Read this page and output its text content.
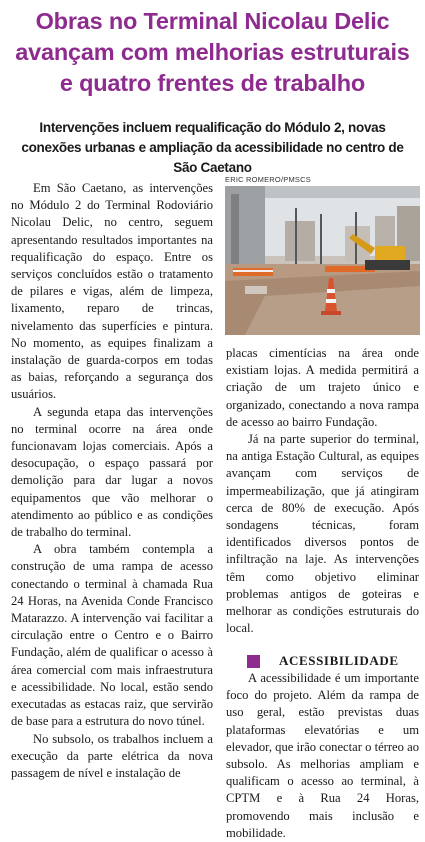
Obras no Terminal Nicolau Delic avançam com melhorias estruturais e quatro frentes de trabalho
Intervenções incluem requalificação do Módulo 2, novas conexões urbanas e ampliação da acessibilidade no centro de São Caetano

Em São Caetano, as intervenções no Módulo 2 do Terminal Rodoviário Nicolau Delic, no centro, seguem apresentando resultados importantes na requalificação do espaço. Entre os serviços concluídos estão o tratamento de pilares e vigas, além de limpeza, lixamento, reparo de trincas, nivelamento das superfícies e pintura. No momento, as equipes finalizam a instalação de guarda-corpos em todas as baias, reforçando a segurança dos usuários.

A segunda etapa das intervenções no terminal ocorre na área onde funcionavam lojas comerciais. Após a desocupação, o espaço passará por demolição para dar lugar a novos equipamentos que vão melhorar o atendimento ao público e as condições de trabalho do terminal.

A obra também contempla a construção de uma rampa de acesso conectando o terminal à chamada Rua 24 Horas, na Avenida Conde Francisco Matarazzo. A intervenção vai facilitar a circulação entre o Centro e o Bairro Fundação, além de qualificar o acesso à área comercial com mais infraestrutura e acessibilidade. No local, estão sendo executadas as estacas raiz, que servirão de base para a estrutura do novo túnel.

No subsolo, os trabalhos incluem a execução da parte elétrica da nova passagem de nível e instalação de

ERIC ROMERO/PMSCS

placas cimentícias na área onde existiam lojas. A medida permitirá a criação de um trajeto único e organizado, conectando a nova rampa de acesso ao bairro Fundação.

Já na parte superior do terminal, na antiga Estação Cultural, as equipes avançam com serviços de impermeabilização, que já atingiram cerca de 80% de execução. Após sondagens técnicas, foram identificados diversos pontos de infiltração na laje. As intervenções têm como objetivo eliminar problemas antigos de goteiras e melhorar as condições estruturais do local.

ACESSIBILIDADE

A acessibilidade é um importante foco do projeto. Além da rampa de uso geral, estão previstas duas plataformas elevatórias e um elevador, que irão conectar o térreo ao subsolo. As melhorias ampliam e qualificam o acesso ao terminal, à CPTM e à Rua 24 Horas, promovendo mais inclusão e mobilidade.
